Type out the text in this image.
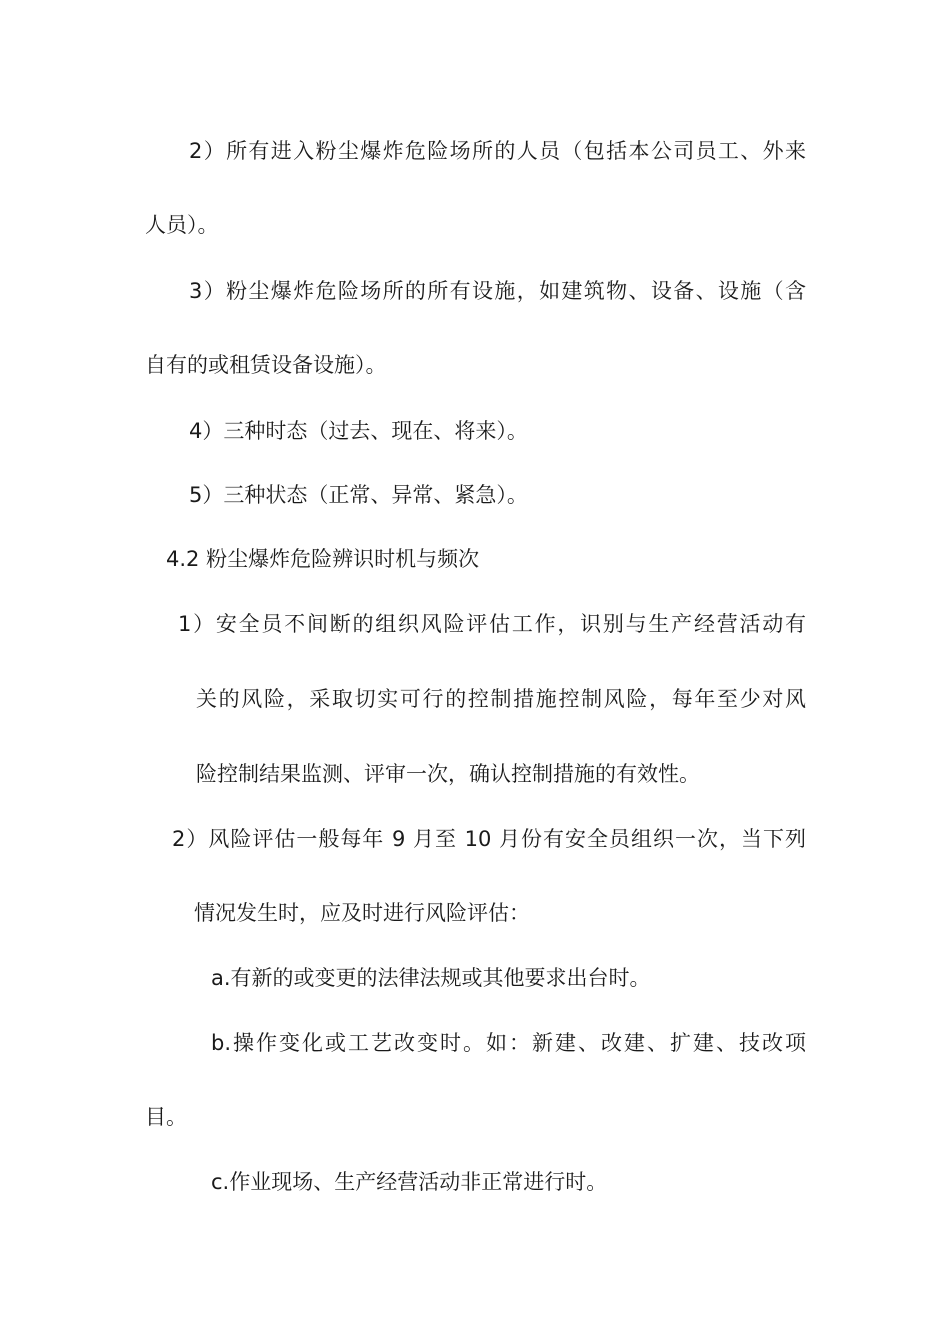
2）所有进入粉尘爆炸危险场所的人员（包括本公司员工、外来
人员）。
3）粉尘爆炸危险场所的所有设施，如建筑物、设备、设施（含
自有的或租赁设备设施）。
4）三种时态（过去、现在、将来）。
5）三种状态（正常、异常、紧急）。
4.2 粉尘爆炸危险辨识时机与频次
1）安全员不间断的组织风险评估工作，识别与生产经营活动有
关的风险，采取切实可行的控制措施控制风险，每年至少对风
险控制结果监测、评审一次，确认控制措施的有效性。
2）风险评估一般每年 9 月至 10 月份有安全员组织一次，当下列
情况发生时，应及时进行风险评估：
a.有新的或变更的法律法规或其他要求出台时。
b.操作变化或工艺改变时。如：新建、改建、扩建、技改项
目。
c.作业现场、生产经营活动非正常进行时。
